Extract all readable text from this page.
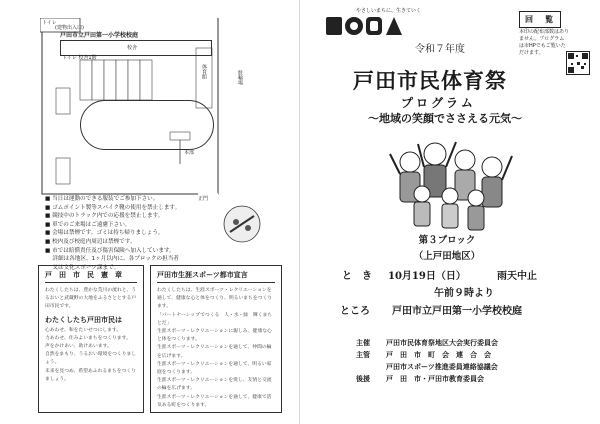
トイレ
(建物出入口)
戸田市立戸田第一小学校校庭
校舎
トイレ 校舎1階
本部
体育館	駐輪場
正門
■ 当日は運動のできる服装でご参加下さい。
■ ゴムポイント製等スパイク靴の使用を禁止します。
■ 競技中のトラック内での応援を禁止します。
■ 車でのご来場はご遠慮下さい。
■ 会場は禁煙です。ゴミは持ち帰りましょう。
■ 校内及び校庭内周辺は禁煙です。
■ 市では賠償責任及び傷害保険へ加入しています。
　 詳細は各地区、1ヶ月以内に、各ブロックの担当者
　 又は文化スポーツ課まで。
戸　田　市　民　憲　章
わたくしたちは、豊かな荒川の流れと、うるおいと武蔵野の大地をふるさととする戸田市民です。
わたくしたち戸田市民は
心あわせ、和をたいせつにします。
力あわせ、住みよいまちをつくります。
声をかけあい、助けあいます。
自然をまもり、うるおい環境をつくりましょう。
未来を見つめ、希望あふれるまちをつくりましょう。
戸田市生涯スポーツ都市宣言
わたくしたちは、生涯スポーツ・レクリエーションを通して、健康な心と体をつくり、明るいまちをつくります。
「パートナーシップでつくる　人・水・緑　輝くまち　とだ」
生涯スポーツ・レクリエーションに親しみ、健康な心と体をつくります。
生涯スポーツ・レクリエーションを通して、仲間の輪を広げます。
生涯スポーツ・レクリエーションを通して、明るい家庭をつくります。
生涯スポーツ・レクリエーションを愛し、友情と交流の輪を広げます。
生涯スポーツ・レクリエーションを通して、健康で活気ある町をつくります。
やさしいまちに、生きていく
回　覧
本印の配布部数はありません。プログラムは市HPでもご覧いただけます。
令和７年度
戸田市民体育祭
プログラム
〜地域の笑顔でささえる元気〜
第３ブロック
（上戸田地区）
と　き 10月19日（日）	雨天中止
午前９時より
ところ 戸田市立戸田第一小学校校庭
主催 戸田市民体育祭地区大会実行委員会
主管 戸　田　市　町　会　連　合　会
戸田市スポーツ推進委員連絡協議会
後援 戸　田　市・戸田市教育委員会
